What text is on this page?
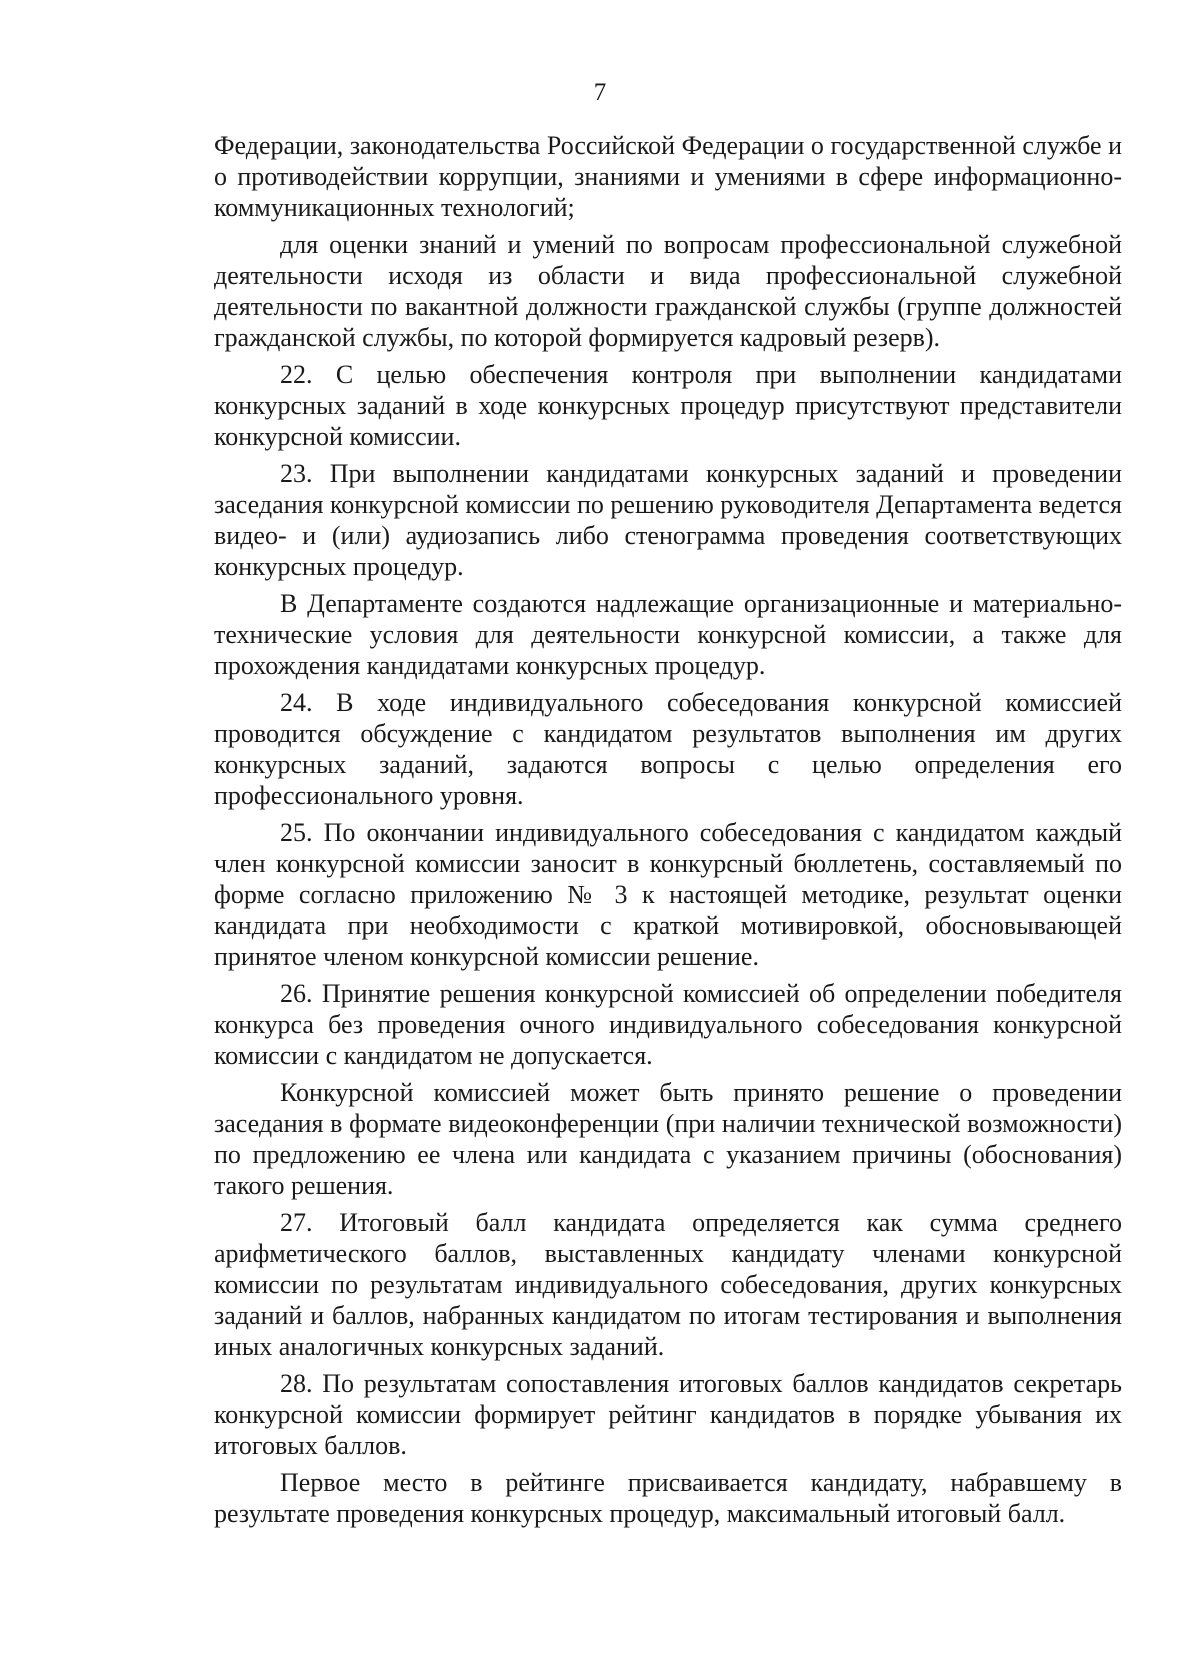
7

Федерации, законодательства Российской Федерации о государственной службе и о противодействии коррупции, знаниями и умениями в сфере информационно-коммуникационных технологий;

для оценки знаний и умений по вопросам профессиональной служебной деятельности исходя из области и вида профессиональной служебной деятельности по вакантной должности гражданской службы (группе должностей гражданской службы, по которой формируется кадровый резерв).

22. С целью обеспечения контроля при выполнении кандидатами конкурсных заданий в ходе конкурсных процедур присутствуют представители конкурсной комиссии.

23. При выполнении кандидатами конкурсных заданий и проведении заседания конкурсной комиссии по решению руководителя Департамента ведется видео- и (или) аудиозапись либо стенограмма проведения соответствующих конкурсных процедур.

В Департаменте создаются надлежащие организационные и материально-технические условия для деятельности конкурсной комиссии, а также для прохождения кандидатами конкурсных процедур.

24. В ходе индивидуального собеседования конкурсной комиссией проводится обсуждение с кандидатом результатов выполнения им других конкурсных заданий, задаются вопросы с целью определения его профессионального уровня.

25. По окончании индивидуального собеседования с кандидатом каждый член конкурсной комиссии заносит в конкурсный бюллетень, составляемый по форме согласно приложению № 3 к настоящей методике, результат оценки кандидата при необходимости с краткой мотивировкой, обосновывающей принятое членом конкурсной комиссии решение.

26. Принятие решения конкурсной комиссией об определении победителя конкурса без проведения очного индивидуального собеседования конкурсной комиссии с кандидатом не допускается.

Конкурсной комиссией может быть принято решение о проведении заседания в формате видеоконференции (при наличии технической возможности) по предложению ее члена или кандидата с указанием причины (обоснования) такого решения.

27. Итоговый балл кандидата определяется как сумма среднего арифметического баллов, выставленных кандидату членами конкурсной комиссии по результатам индивидуального собеседования, других конкурсных заданий и баллов, набранных кандидатом по итогам тестирования и выполнения иных аналогичных конкурсных заданий.

28. По результатам сопоставления итоговых баллов кандидатов секретарь конкурсной комиссии формирует рейтинг кандидатов в порядке убывания их итоговых баллов.

Первое место в рейтинге присваивается кандидату, набравшему в результате проведения конкурсных процедур, максимальный итоговый балл.
